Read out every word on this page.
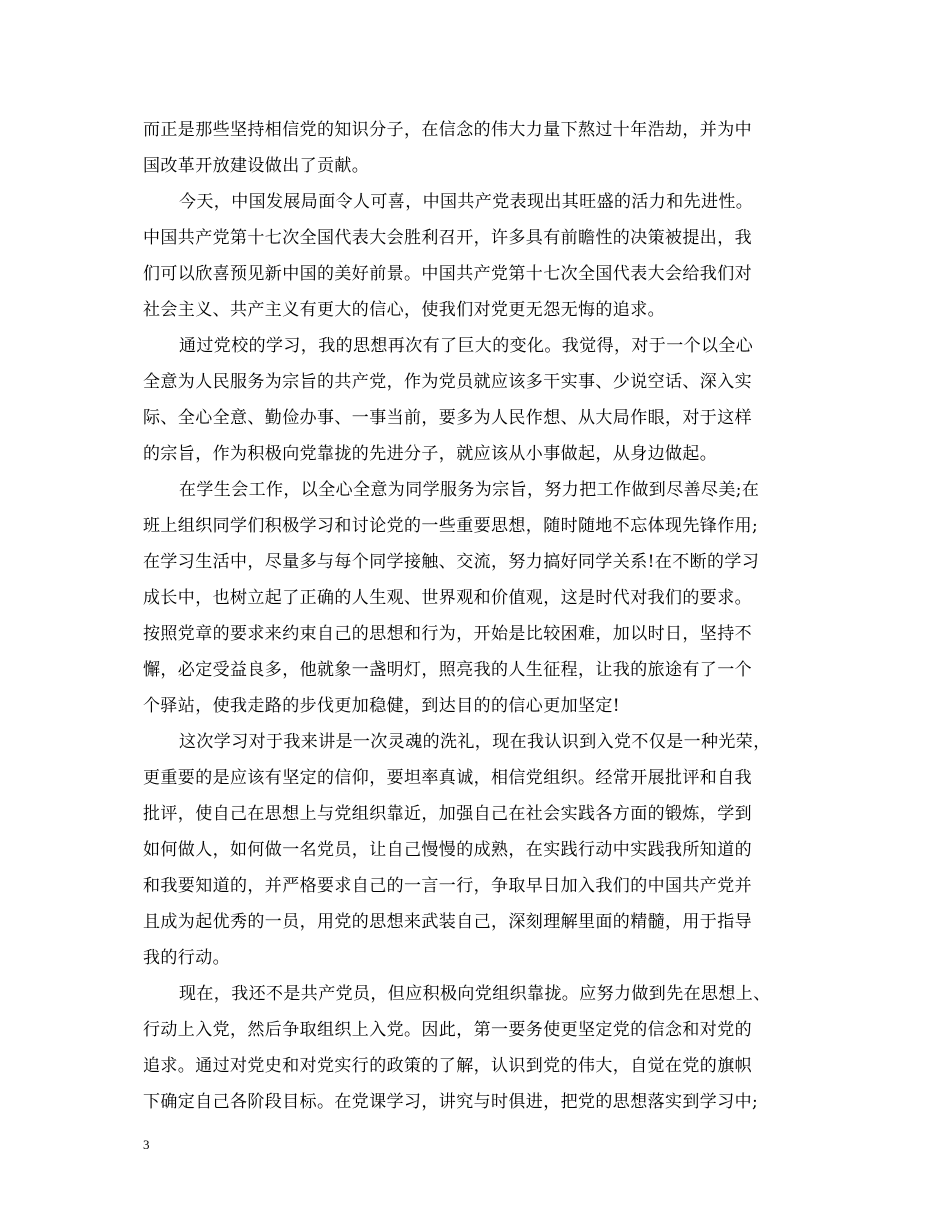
而正是那些坚持相信党的知识分子，在信念的伟大力量下熬过十年浩劫，并为中
国改革开放建设做出了贡献。
今天，中国发展局面令人可喜，中国共产党表现出其旺盛的活力和先进性。
中国共产党第十七次全国代表大会胜利召开，许多具有前瞻性的决策被提出，我
们可以欣喜预见新中国的美好前景。中国共产党第十七次全国代表大会给我们对
社会主义、共产主义有更大的信心，使我们对党更无怨无悔的追求。
通过党校的学习，我的思想再次有了巨大的变化。我觉得，对于一个以全心
全意为人民服务为宗旨的共产党，作为党员就应该多干实事、少说空话、深入实
际、全心全意、勤俭办事、一事当前，要多为人民作想、从大局作眼，对于这样
的宗旨，作为积极向党靠拢的先进分子，就应该从小事做起，从身边做起。
在学生会工作，以全心全意为同学服务为宗旨，努力把工作做到尽善尽美;在
班上组织同学们积极学习和讨论党的一些重要思想，随时随地不忘体现先锋作用;
在学习生活中，尽量多与每个同学接触、交流，努力搞好同学关系!在不断的学习
成长中，也树立起了正确的人生观、世界观和价值观，这是时代对我们的要求。
按照党章的要求来约束自己的思想和行为，开始是比较困难，加以时日，坚持不
懈，必定受益良多，他就象一盏明灯，照亮我的人生征程，让我的旅途有了一个
个驿站，使我走路的步伐更加稳健，到达目的的信心更加坚定!
这次学习对于我来讲是一次灵魂的洗礼，现在我认识到入党不仅是一种光荣，
更重要的是应该有坚定的信仰，要坦率真诚，相信党组织。经常开展批评和自我
批评，使自己在思想上与党组织靠近，加强自己在社会实践各方面的锻炼，学到
如何做人，如何做一名党员，让自己慢慢的成熟，在实践行动中实践我所知道的
和我要知道的，并严格要求自己的一言一行，争取早日加入我们的中国共产党并
且成为起优秀的一员，用党的思想来武装自己，深刻理解里面的精髓，用于指导
我的行动。
现在，我还不是共产党员，但应积极向党组织靠拢。应努力做到先在思想上、
行动上入党，然后争取组织上入党。因此，第一要务使更坚定党的信念和对党的
追求。通过对党史和对党实行的政策的了解，认识到党的伟大，自觉在党的旗帜
下确定自己各阶段目标。在党课学习，讲究与时俱进，把党的思想落实到学习中;
3
